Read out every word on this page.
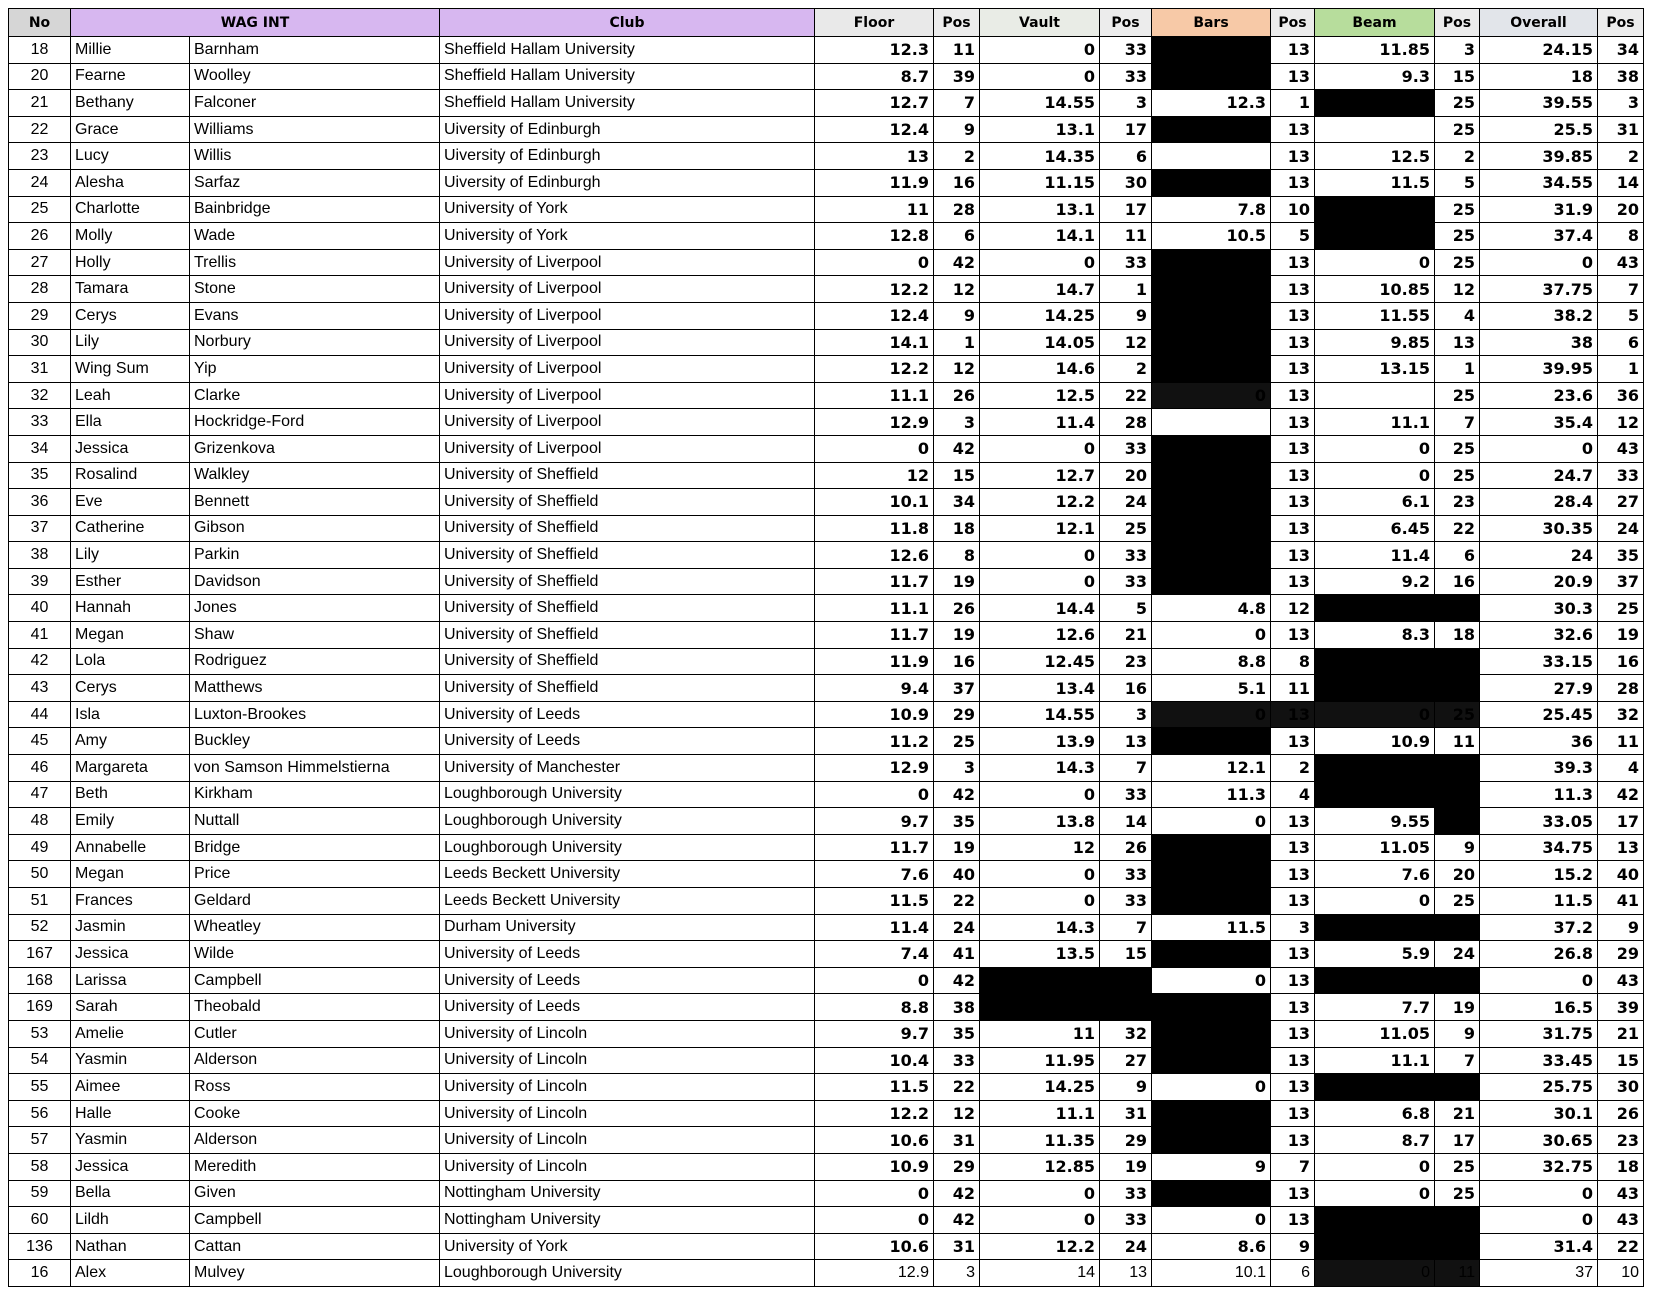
No	WAG INT		Club	Floor	Pos	Vault	Pos	Bars	Pos	Beam	Pos	Overall	Pos
18	Millie	Barnham	Sheffield Hallam University	12.3	11	0	33		13	11.85	3	24.15	34
20	Fearne	Woolley	Sheffield Hallam University	8.7	39	0	33		13	9.3	15	18	38
21	Bethany	Falconer	Sheffield Hallam University	12.7	7	14.55	3	12.3	1		25	39.55	3
22	Grace	Williams	Uiversity of Edinburgh	12.4	9	13.1	17		13		25	25.5	31
23	Lucy	Willis	Uiversity of Edinburgh	13	2	14.35	6		13	12.5	2	39.85	2
24	Alesha	Sarfaz	Uiversity of Edinburgh	11.9	16	11.15	30		13	11.5	5	34.55	14
25	Charlotte	Bainbridge	University of York	11	28	13.1	17	7.8	10		25	31.9	20
26	Molly	Wade	University of York	12.8	6	14.1	11	10.5	5		25	37.4	8
27	Holly	Trellis	University of Liverpool	0	42	0	33		13	0	25	0	43
28	Tamara	Stone	University of Liverpool	12.2	12	14.7	1		13	10.85	12	37.75	7
29	Cerys	Evans	University of Liverpool	12.4	9	14.25	9		13	11.55	4	38.2	5
30	Lily	Norbury	University of Liverpool	14.1	1	14.05	12		13	9.85	13	38	6
31	Wing Sum	Yip	University of Liverpool	12.2	12	14.6	2		13	13.15	1	39.95	1
32	Leah	Clarke	University of Liverpool	11.1	26	12.5	22	0	13		25	23.6	36
33	Ella	Hockridge-Ford	University of Liverpool	12.9	3	11.4	28		13	11.1	7	35.4	12
34	Jessica	Grizenkova	University of Liverpool	0	42	0	33		13	0	25	0	43
35	Rosalind	Walkley	University of Sheffield	12	15	12.7	20		13	0	25	24.7	33
36	Eve	Bennett	University of Sheffield	10.1	34	12.2	24		13	6.1	23	28.4	27
37	Catherine	Gibson	University of Sheffield	11.8	18	12.1	25		13	6.45	22	30.35	24
38	Lily	Parkin	University of Sheffield	12.6	8	0	33		13	11.4	6	24	35
39	Esther	Davidson	University of Sheffield	11.7	19	0	33		13	9.2	16	20.9	37
40	Hannah	Jones	University of Sheffield	11.1	26	14.4	5	4.8	12			30.3	25
41	Megan	Shaw	University of Sheffield	11.7	19	12.6	21	0	13	8.3	18	32.6	19
42	Lola	Rodriguez	University of Sheffield	11.9	16	12.45	23	8.8	8			33.15	16
43	Cerys	Matthews	University of Sheffield	9.4	37	13.4	16	5.1	11			27.9	28
44	Isla	Luxton-Brookes	University of Leeds	10.9	29	14.55	3	0	13	0	25	25.45	32
45	Amy	Buckley	University of Leeds	11.2	25	13.9	13		13	10.9	11	36	11
46	Margareta	von Samson Himmelstierna	University of Manchester	12.9	3	14.3	7	12.1	2			39.3	4
47	Beth	Kirkham	Loughborough University	0	42	0	33	11.3	4			11.3	42
48	Emily	Nuttall	Loughborough University	9.7	35	13.8	14	0	13	9.55		33.05	17
49	Annabelle	Bridge	Loughborough University	11.7	19	12	26		13	11.05	9	34.75	13
50	Megan	Price	Leeds Beckett University	7.6	40	0	33		13	7.6	20	15.2	40
51	Frances	Geldard	Leeds Beckett University	11.5	22	0	33		13	0	25	11.5	41
52	Jasmin	Wheatley	Durham University	11.4	24	14.3	7	11.5	3			37.2	9
167	Jessica	Wilde	University of Leeds	7.4	41	13.5	15		13	5.9	24	26.8	29
168	Larissa	Campbell	University of Leeds	0	42			0	13			0	43
169	Sarah	Theobald	University of Leeds	8.8	38				13	7.7	19	16.5	39
53	Amelie	Cutler	University of Lincoln	9.7	35	11	32		13	11.05	9	31.75	21
54	Yasmin	Alderson	University of Lincoln	10.4	33	11.95	27		13	11.1	7	33.45	15
55	Aimee	Ross	University of Lincoln	11.5	22	14.25	9	0	13			25.75	30
56	Halle	Cooke	University of Lincoln	12.2	12	11.1	31		13	6.8	21	30.1	26
57	Yasmin	Alderson	University of Lincoln	10.6	31	11.35	29		13	8.7	17	30.65	23
58	Jessica	Meredith	University of Lincoln	10.9	29	12.85	19	9	7	0	25	32.75	18
59	Bella	Given	Nottingham University	0	42	0	33		13	0	25	0	43
60	Lildh	Campbell	Nottingham University	0	42	0	33	0	13			0	43
136	Nathan	Cattan	University of York	10.6	31	12.2	24	8.6	9			31.4	22
16	Alex	Mulvey	Loughborough University	12.9	3	14	13	10.1	6	0	11	37	10
